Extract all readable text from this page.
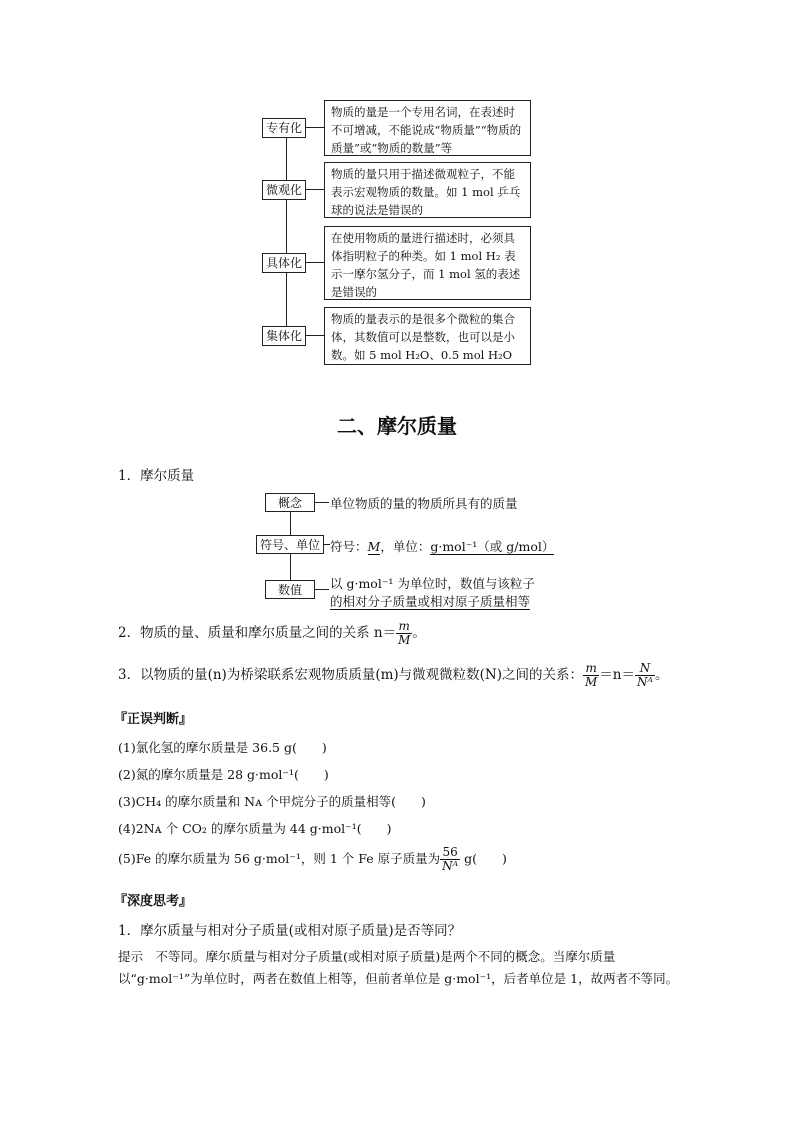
专有化
物质的量是一个专用名词，在表述时不可增减，不能说成“物质量”“物质的质量”或“物质的数量”等
微观化
物质的量只用于描述微观粒子，不能表示宏观物质的数量。如 1 mol 乒乓球的说法是错误的
具体化
在使用物质的量进行描述时，必须具体指明粒子的种类。如 1 mol H₂ 表示一摩尔氢分子，而 1 mol 氢的表述是错误的
集体化
物质的量表示的是很多个微粒的集合体，其数值可以是整数，也可以是小数。如 5 mol H₂O、0.5 mol H₂O
二、摩尔质量
1．摩尔质量
概念	单位物质的量的物质所具有的质量
符号、单位 符号：M，单位：g·mol⁻¹（或 g/mol）
数值	以 g·mol⁻¹ 为单位时，数值与该粒子
的相对分子质量或相对原子质量相等
2．物质的量、质量和摩尔质量之间的关系 $n= \frac{m}{M}$ 。
3．以物质的量(n)为桥梁联系宏观物质质量(m)与微观微粒数(N)之间的关系： $\frac{m}{M} =n= \frac{N}{\text{Nᴬ}}$ 。
『正误判断』
(1)氯化氢的摩尔质量是 36.5 g(　　)
(2)氮的摩尔质量是 28 g·mol⁻¹(　　)
(3)CH₄ 的摩尔质量和 Nᴀ 个甲烷分子的质量相等(　　)
(4)2Nᴀ 个 CO₂ 的摩尔质量为 44 g·mol⁻¹(　　)
(5)Fe 的摩尔质量为 56 g·mol⁻¹，则 1 个 Fe 原子质量为 $\frac{56}{\text{Nᴬ}} g$(　　)
『深度思考』
1．摩尔质量与相对分子质量(或相对原子质量)是否等同？
提示　不等同。摩尔质量与相对分子质量(或相对原子质量)是两个不同的概念。当摩尔质量以“g·mol⁻¹”为单位时，两者在数值上相等，但前者单位是 g·mol⁻¹，后者单位是 1，故两者不等同。
